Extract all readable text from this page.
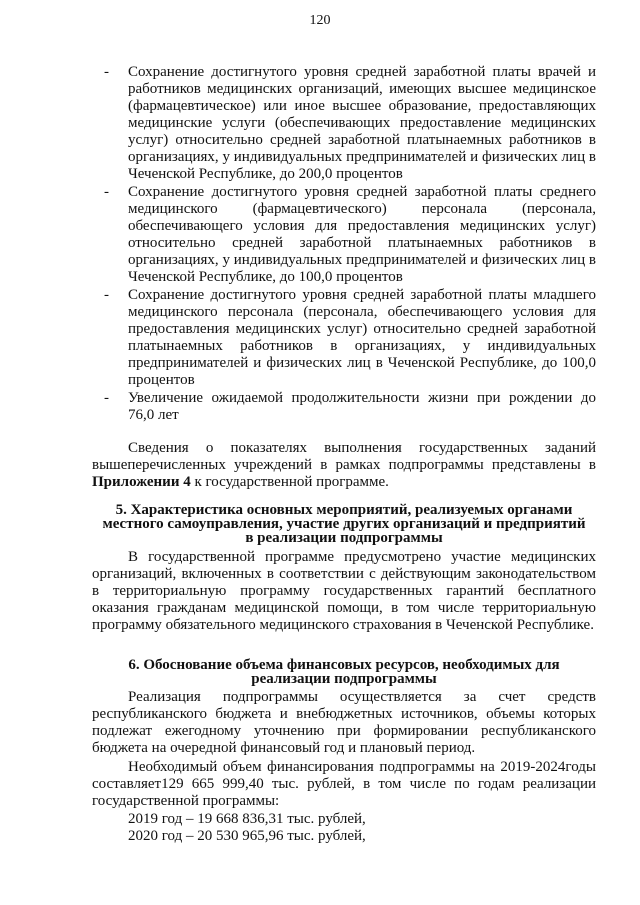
120
- Сохранение достигнутого уровня средней заработной платы врачей и работников медицинских организаций, имеющих высшее медицинское (фармацевтическое) или иное высшее образование, предоставляющих медицинские услуги (обеспечивающих предоставление медицинских услуг) относительно средней заработной платынаемных работников в организациях, у индивидуальных предпринимателей и физических лиц в Чеченской Республике, до 200,0 процентов
- Сохранение достигнутого уровня средней заработной платы среднего медицинского (фармацевтического) персонала (персонала, обеспечивающего условия для предоставления медицинских услуг) относительно средней заработной платынаемных работников в организациях, у индивидуальных предпринимателей и физических лиц в Чеченской Республике, до 100,0 процентов
- Сохранение достигнутого уровня средней заработной платы младшего медицинского персонала (персонала, обеспечивающего условия для предоставления медицинских услуг) относительно средней заработной платынаемных работников в организациях, у индивидуальных предпринимателей и физических лиц в Чеченской Республике, до 100,0 процентов
- Увеличение ожидаемой продолжительности жизни при рождении до 76,0 лет

Сведения о показателях выполнения государственных заданий вышеперечисленных учреждений в рамках подпрограммы представлены в Приложении 4 к государственной программе.

5. Характеристика основных мероприятий, реализуемых органами
местного самоуправления, участие других организаций и предприятий
в реализации подпрограммы

В государственной программе предусмотрено участие медицинских организаций, включенных в соответствии с действующим законодательством в территориальную программу государственных гарантий бесплатного оказания гражданам медицинской помощи, в том числе территориальную программу обязательного медицинского страхования в Чеченской Республике.

6. Обоснование объема финансовых ресурсов, необходимых для
реализации подпрограммы

Реализация подпрограммы осуществляется за счет средств республиканского бюджета и внебюджетных источников, объемы которых подлежат ежегодному уточнению при формировании республиканского бюджета на очередной финансовый год и плановый период.

Необходимый объем финансирования подпрограммы на 2019-2024годы составляет129 665 999,40 тыс. рублей, в том числе по годам реализации государственной программы:

2019 год – 19 668 836,31 тыс. рублей,
2020 год – 20 530 965,96 тыс. рублей,
